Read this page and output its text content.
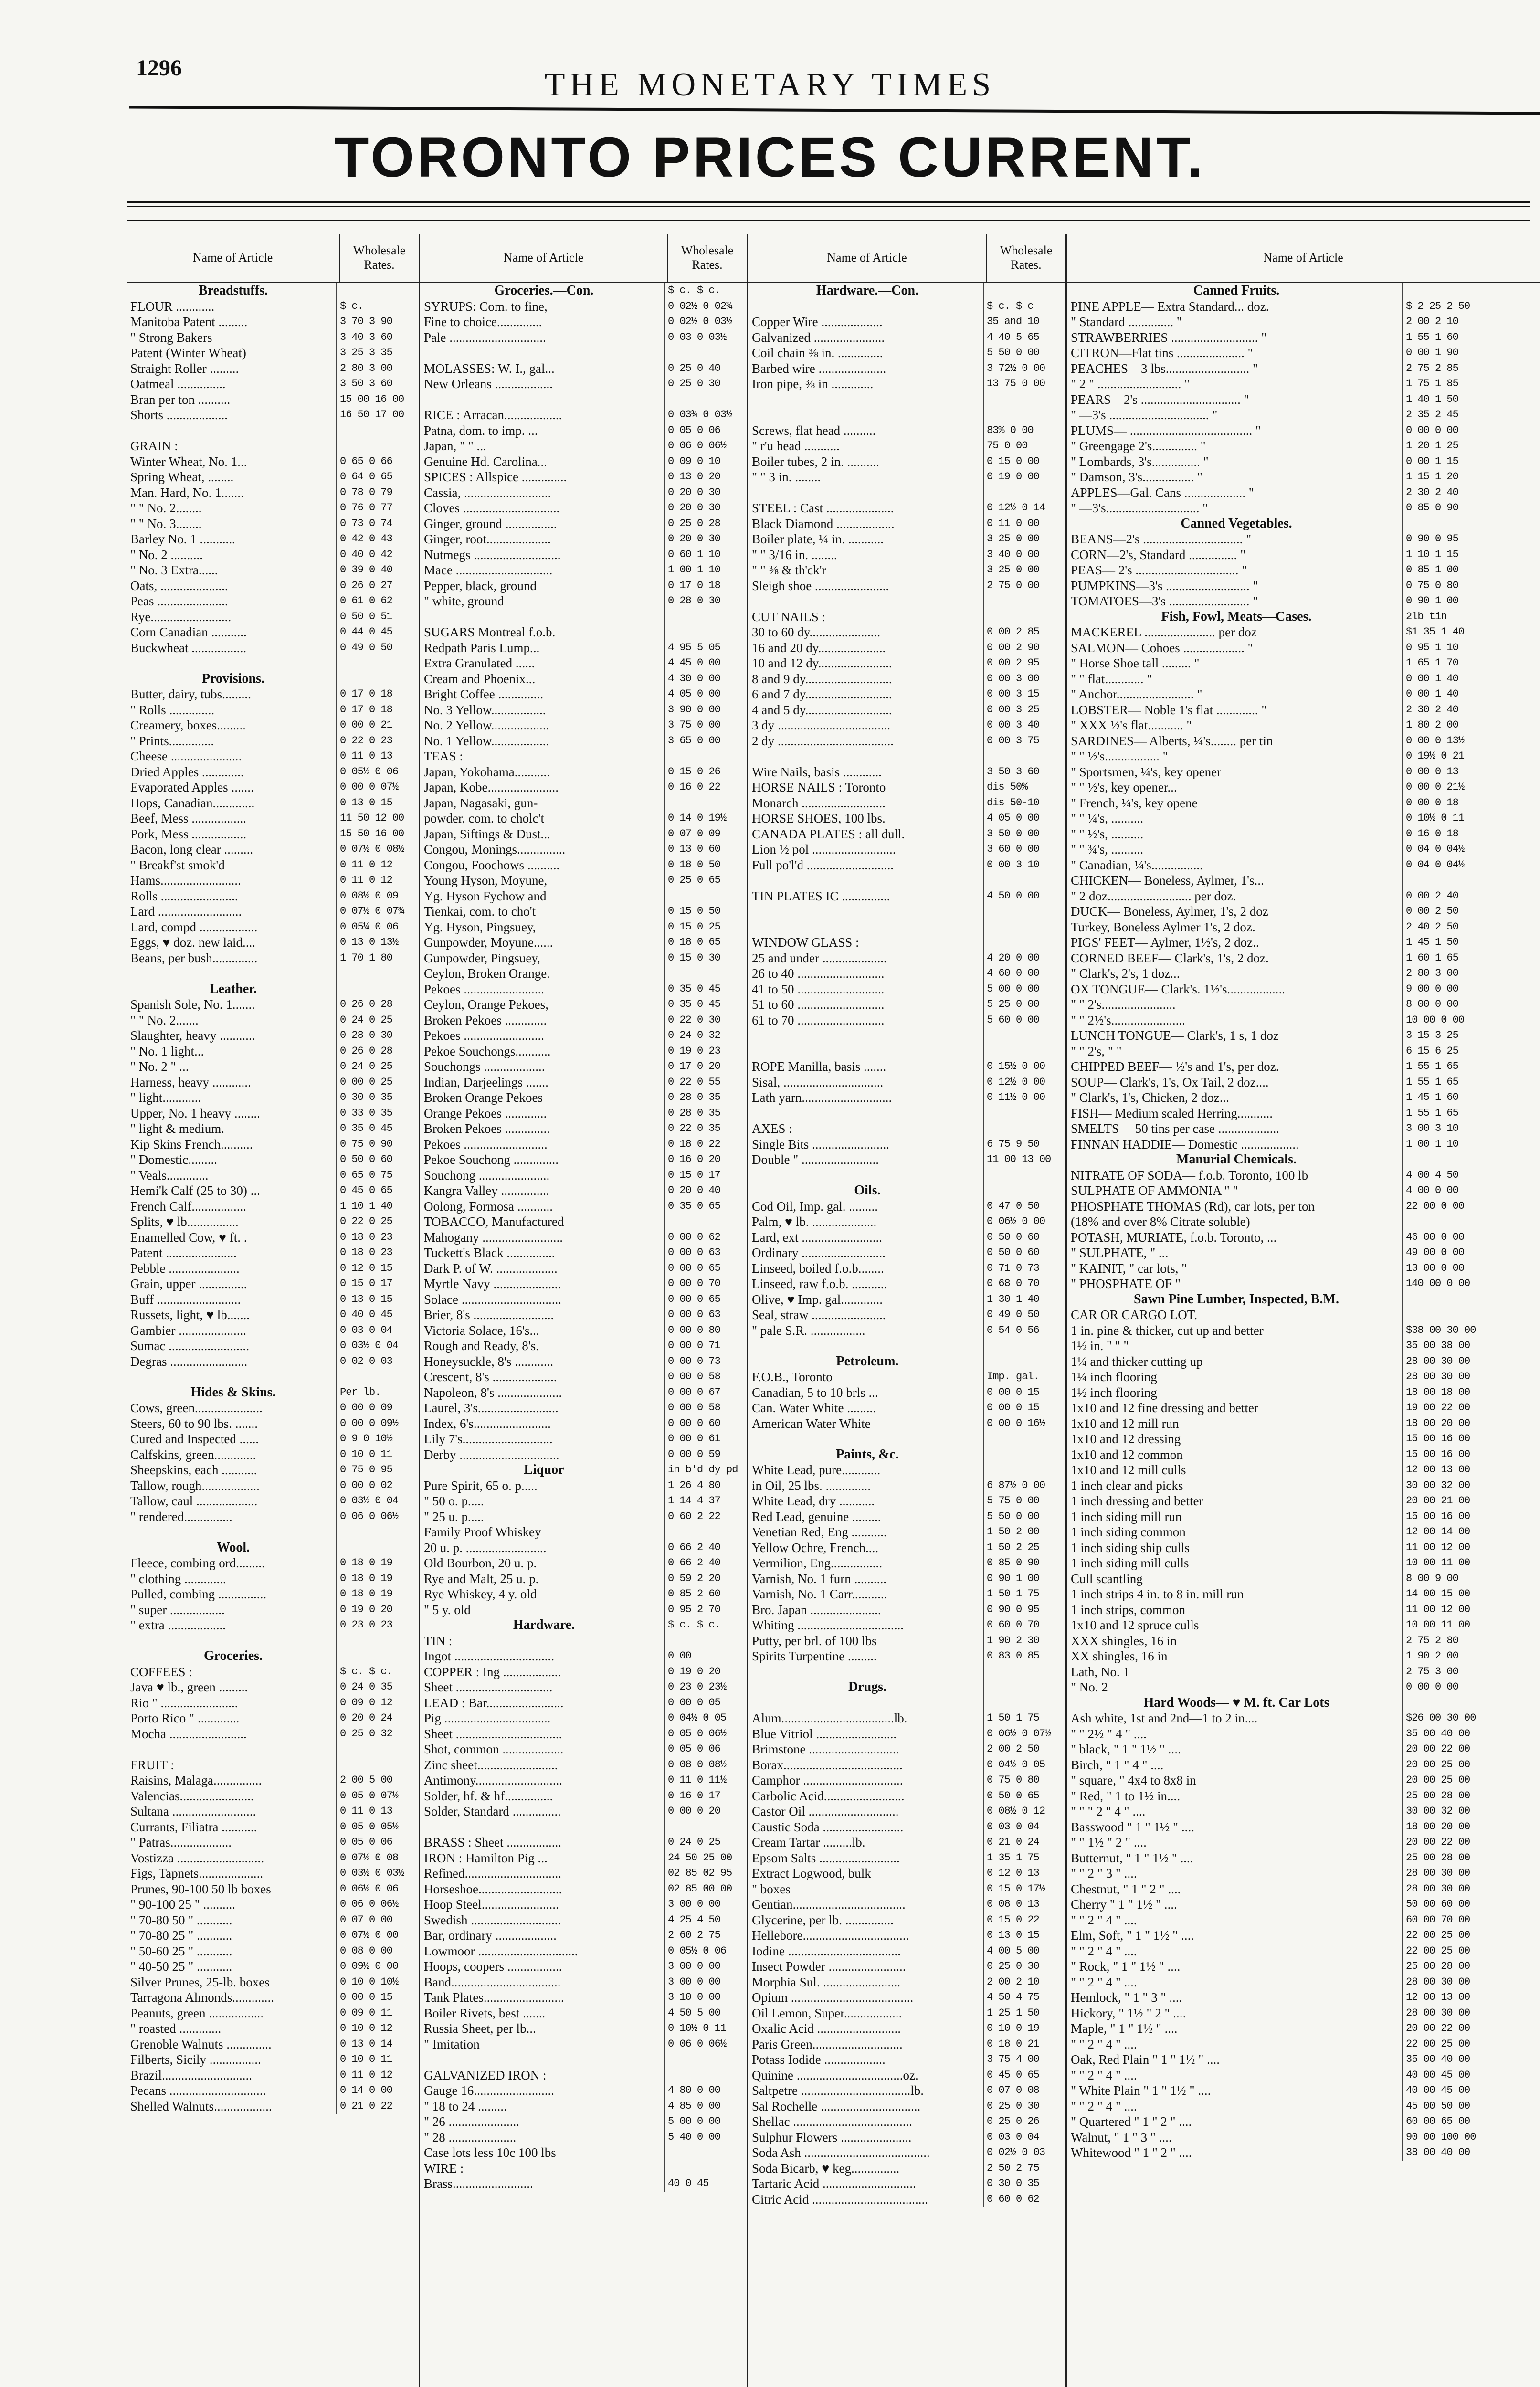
1296	THE MONETARY TIMES
TORONTO PRICES CURRENT.
Name of Article
Wholesale Rates.
Breadstuffs.
FLOUR ............	$ c.
Manitoba Patent .........	3 70 3 90
" Strong Bakers	3 40 3 60
Patent (Winter Wheat)	3 25 3 35
Straight Roller .........	2 80 3 00
Oatmeal ...............	3 50 3 60
Bran per ton ..........	15 00 16 00
Shorts ...................	16 50 17 00
GRAIN :
Winter Wheat, No. 1...	0 65 0 66
Spring Wheat, ........	0 64 0 65
Man. Hard, No. 1.......	0 78 0 79
" " No. 2........	0 76 0 77
" " No. 3........	0 73 0 74
Barley No. 1 ...........	0 42 0 43
" No. 2 ..........	0 40 0 42
" No. 3 Extra......	0 39 0 40
Oats, .....................	0 26 0 27
Peas ......................	0 61 0 62
Rye.........................	0 50 0 51
Corn Canadian ...........	0 44 0 45
Buckwheat .................	0 49 0 50
Provisions.
Butter, dairy, tubs.........	0 17 0 18
" Rolls ..............	0 17 0 18
Creamery, boxes.........	0 00 0 21
" Prints..............	0 22 0 23
Cheese ......................	0 11 0 13
Dried Apples .............	0 05½ 0 06
Evaporated Apples .......	0 00 0 07½
Hops, Canadian.............	0 13 0 15
Beef, Mess .................	11 50 12 00
Pork, Mess .................	15 50 16 00
Bacon, long clear .........	0 07½ 0 08½
" Breakf'st smok'd	0 11 0 12
Hams.........................	0 11 0 12
Rolls ........................	0 08½ 0 09
Lard ..........................	0 07½ 0 07¾
Lard, compd ..................	0 05¼ 0 06
Eggs, ♥ doz. new laid....	0 13 0 13½
Beans, per bush..............	1 70 1 80
Leather.
Spanish Sole, No. 1.......	0 26 0 28
" " No. 2.......	0 24 0 25
Slaughter, heavy ...........	0 28 0 30
" No. 1 light...	0 26 0 28
" No. 2 " ...	0 24 0 25
Harness, heavy ............	0 00 0 25
" light............	0 30 0 35
Upper, No. 1 heavy ........	0 33 0 35
" light & medium.	0 35 0 45
Kip Skins French..........	0 75 0 90
" Domestic.........	0 50 0 60
" Veals.............	0 65 0 75
Hemi'k Calf (25 to 30) ...	0 45 0 65
French Calf.................	1 10 1 40
Splits, ♥ lb................	0 22 0 25
Enamelled Cow, ♥ ft. .	0 18 0 23
Patent ......................	0 18 0 23
Pebble ......................	0 12 0 15
Grain, upper ...............	0 15 0 17
Buff ..........................	0 13 0 15
Russets, light, ♥ lb.......	0 40 0 45
Gambier .....................	0 03 0 04
Sumac .........................	0 03½ 0 04
Degras ........................	0 02 0 03
Hides & Skins.	Per lb.
Cows, green.....................	0 00 0 09
Steers, 60 to 90 lbs. .......	0 00 0 09½
Cured and Inspected ......	0 9 0 10½
Calfskins, green.............	0 10 0 11
Sheepskins, each ...........	0 75 0 95
Tallow, rough..................	0 00 0 02
Tallow, caul ...................	0 03½ 0 04
" rendered...............	0 06 0 06½
Wool.
Fleece, combing ord.........	0 18 0 19
" clothing .............	0 18 0 19
Pulled, combing ...............	0 18 0 19
" super .................	0 19 0 20
" extra ..................	0 23 0 23
Groceries.
COFFEES :	$ c. $ c.
Java ♥ lb., green .........	0 24 0 35
Rio " ........................	0 09 0 12
Porto Rico " .............	0 20 0 24
Mocha ........................	0 25 0 32
FRUIT :
Raisins, Malaga...............	2 00 5 00
Valencias.......................	0 05 0 07½
Sultana ..........................	0 11 0 13
Currants, Filiatra ...........	0 05 0 05½
" Patras...................	0 05 0 06
Vostizza ...........................	0 07½ 0 08
Figs, Tapnets....................	0 03½ 0 03½
Prunes, 90-100 50 lb boxes	0 06½ 0 06
" 90-100 25 " ..........	0 06 0 06½
" 70-80 50 " ...........	0 07 0 00
" 70-80 25 " ...........	0 07½ 0 00
" 50-60 25 " ...........	0 08 0 00
" 40-50 25 " ...........	0 09½ 0 00
Silver Prunes, 25-lb. boxes	0 10 0 10½
Tarragona Almonds.............	0 00 0 15
Peanuts, green .................	0 09 0 11
" roasted .............	0 10 0 12
Grenoble Walnuts ..............	0 13 0 14
Filberts, Sicily ................	0 10 0 11
Brazil............................	0 11 0 12
Pecans ..............................	0 14 0 00
Shelled Walnuts..................	0 21 0 22
Name of Article
Wholesale Rates.
Groceries.—Con.	$ c. $ c.
SYRUPS: Com. to fine,	0 02½ 0 02¾
Fine to choice..............	0 02½ 0 03½
Pale ..............................	0 03 0 03½
MOLASSES: W. I., gal...	0 25 0 40
New Orleans ..................	0 25 0 30
RICE : Arracan..................	0 03¾ 0 03½
Patna, dom. to imp. ...	0 05 0 06
Japan, " " ...	0 06 0 06½
Genuine Hd. Carolina...	0 09 0 10
SPICES : Allspice ..............	0 13 0 20
Cassia, ...........................	0 20 0 30
Cloves ..............................	0 20 0 30
Ginger, ground ................	0 25 0 28
Ginger, root....................	0 20 0 30
Nutmegs ...........................	0 60 1 10
Mace ..............................	1 00 1 10
Pepper, black, ground	0 17 0 18
" white, ground	0 28 0 30
SUGARS Montreal f.o.b.
Redpath Paris Lump...	4 95 5 05
Extra Granulated ......	4 45 0 00
Cream and Phoenix...	4 30 0 00
Bright Coffee ..............	4 05 0 00
No. 3 Yellow.................	3 90 0 00
No. 2 Yellow..................	3 75 0 00
No. 1 Yellow..................	3 65 0 00
TEAS :
Japan, Yokohama...........	0 15 0 26
Japan, Kobe......................	0 16 0 22
Japan, Nagasaki, gun-
powder, com. to cholc't	0 14 0 19½
Japan, Siftings & Dust...	0 07 0 09
Congou, Monings...............	0 13 0 60
Congou, Foochows ..........	0 18 0 50
Young Hyson, Moyune,	0 25 0 65
Yg. Hyson Fychow and
Tienkai, com. to cho't	0 15 0 50
Yg. Hyson, Pingsuey,	0 15 0 25
Gunpowder, Moyune......	0 18 0 65
Gunpowder, Pingsuey,	0 15 0 30
Ceylon, Broken Orange.
Pekoes .........................	0 35 0 45
Ceylon, Orange Pekoes,	0 35 0 45
Broken Pekoes .............	0 22 0 30
Pekoes .........................	0 24 0 32
Pekoe Souchongs...........	0 19 0 23
Souchongs ...................	0 17 0 20
Indian, Darjeelings .......	0 22 0 55
Broken Orange Pekoes	0 28 0 35
Orange Pekoes .............	0 28 0 35
Broken Pekoes ..............	0 22 0 35
Pekoes ..........................	0 18 0 22
Pekoe Souchong ..............	0 16 0 20
Souchong ......................	0 15 0 17
Kangra Valley ...............	0 20 0 40
Oolong, Formosa ...........	0 35 0 65
TOBACCO, Manufactured
Mahogany .........................	0 00 0 62
Tuckett's Black ...............	0 00 0 63
Dark P. of W. ...................	0 00 0 65
Myrtle Navy .....................	0 00 0 70
Solace ...............................	0 00 0 65
Brier, 8's .........................	0 00 0 63
Victoria Solace, 16's...	0 00 0 80
Rough and Ready, 8's.	0 00 0 71
Honeysuckle, 8's ............	0 00 0 73
Crescent, 8's ....................	0 00 0 58
Napoleon, 8's ....................	0 00 0 67
Laurel, 3's.........................	0 00 0 58
Index, 6's........................	0 00 0 60
Lily 7's............................	0 00 0 61
Derby ...............................	0 00 0 59
Liquor	in b'd dy pd
Pure Spirit, 65 o. p.....	1 26 4 80
" 50 o. p.....	1 14 4 37
" 25 u. p.....	0 60 2 22
Family Proof Whiskey
20 u. p. .........................	0 66 2 40
Old Bourbon, 20 u. p.	0 66 2 40
Rye and Malt, 25 u. p.	0 59 2 20
Rye Whiskey, 4 y. old	0 85 2 60
" 5 y. old	0 95 2 70
Hardware.	$ c. $ c.
TIN :
Ingot ...............................	0 00
COPPER : Ing ..................	0 19 0 20
Sheet ..............................	0 23 0 23½
LEAD : Bar........................	0 00 0 05
Pig .................................	0 04½ 0 05
Sheet .................................	0 05 0 06½
Shot, common ...................	0 05 0 06
Zinc sheet.........................	0 08 0 08½
Antimony...........................	0 11 0 11½
Solder, hf. & hf...............	0 16 0 17
Solder, Standard ...............	0 00 0 20
BRASS : Sheet .................	0 24 0 25
IRON : Hamilton Pig ...	24 50 25 00
Refined..............................	02 85 02 95
Horseshoe..........................	02 85 00 00
Hoop Steel........................	3 00 0 00
Swedish ............................	4 25 4 50
Bar, ordinary ...................	2 60 2 75
Lowmoor ...............................	0 05½ 0 06
Hoops, coopers .................	3 00 0 00
Band..................................	3 00 0 00
Tank Plates.........................	3 10 0 00
Boiler Rivets, best .......	4 50 5 00
Russia Sheet, per lb...	0 10½ 0 11
" Imitation	0 06 0 06½
GALVANIZED IRON :
Gauge 16.........................	4 80 0 00
" 18 to 24 .........	4 85 0 00
" 26 ......................	5 00 0 00
" 28 .....................	5 40 0 00
Case lots less 10c 100 lbs
WIRE :
Brass.........................	40 0 45
Name of Article
Wholesale Rates.
Hardware.—Con.
$ c. $ c
Copper Wire ...................	35 and 10
Galvanized ......................	4 40 5 65
Coil chain ⅜ in. ..............	5 50 0 00
Barbed wire .....................	3 72½ 0 00
Iron pipe, ⅜ in .............	13 75 0 00
Screws, flat head ..........	83% 0 00
" r'u head ...........	75 0 00
Boiler tubes, 2 in. ..........	0 15 0 00
" " 3 in. ........	0 19 0 00
STEEL : Cast .....................	0 12½ 0 14
Black Diamond ..................	0 11 0 00
Boiler plate, ¼ in. ...........	3 25 0 00
" " 3/16 in. ........	3 40 0 00
" " ⅜ & th'ck'r	3 25 0 00
Sleigh shoe .......................	2 75 0 00
CUT NAILS :
30 to 60 dy......................	0 00 2 85
16 and 20 dy.....................	0 00 2 90
10 and 12 dy.......................	0 00 2 95
8 and 9 dy...........................	0 00 3 00
6 and 7 dy...........................	0 00 3 15
4 and 5 dy...........................	0 00 3 25
3 dy ...................................	0 00 3 40
2 dy ....................................	0 00 3 75
Wire Nails, basis ............	3 50 3 60
HORSE NAILS : Toronto	dis 50%
Monarch ..........................	dis 50-10
HORSE SHOES, 100 lbs.	4 05 0 00
CANADA PLATES : all dull.	3 50 0 00
Lion ½ pol ..........................	3 60 0 00
Full po'l'd ...........................	0 00 3 10
TIN PLATES IC ...............	4 50 0 00
WINDOW GLASS :
25 and under ....................	4 20 0 00
26 to 40 ...........................	4 60 0 00
41 to 50 ...........................	5 00 0 00
51 to 60 ...........................	5 25 0 00
61 to 70 ...........................	5 60 0 00
ROPE Manilla, basis .......	0 15½ 0 00
Sisal, ...............................	0 12½ 0 00
Lath yarn............................	0 11½ 0 00
AXES :
Single Bits ........................	6 75 9 50
Double " ........................	11 00 13 00
Oils.
Cod Oil, Imp. gal. .........	0 47 0 50
Palm, ♥ lb. ....................	0 06½ 0 00
Lard, ext .........................	0 50 0 60
Ordinary ..........................	0 50 0 60
Linseed, boiled f.o.b........	0 71 0 73
Linseed, raw f.o.b. ...........	0 68 0 70
Olive, ♥ Imp. gal.............	1 30 1 40
Seal, straw .......................	0 49 0 50
" pale S.R. .................	0 54 0 56
Petroleum.
F.O.B., Toronto	Imp. gal.
Canadian, 5 to 10 brls ...	0 00 0 15
Can. Water White .........	0 00 0 15
American Water White	0 00 0 16½
Paints, &c.
White Lead, pure............
in Oil, 25 lbs. ..............	6 87½ 0 00
White Lead, dry ...........	5 75 0 00
Red Lead, genuine .........	5 50 0 00
Venetian Red, Eng ...........	1 50 2 00
Yellow Ochre, French....	1 50 2 25
Vermilion, Eng................	0 85 0 90
Varnish, No. 1 furn ..........	0 90 1 00
Varnish, No. 1 Carr...........	1 50 1 75
Bro. Japan ......................	0 90 0 95
Whiting .................................	0 60 0 70
Putty, per brl. of 100 lbs	1 90 2 30
Spirits Turpentine .........	0 83 0 85
Drugs.
Alum...................................lb.	1 50 1 75
Blue Vitriol .........................	0 06½ 0 07½
Brimstone ............................	2 00 2 50
Borax.....................................	0 04½ 0 05
Camphor ...............................	0 75 0 80
Carbolic Acid.........................	0 50 0 65
Castor Oil ............................	0 08½ 0 12
Caustic Soda .........................	0 03 0 04
Cream Tartar .........lb.	0 21 0 24
Epsom Salts .........................	1 35 1 75
Extract Logwood, bulk	0 12 0 13
" boxes	0 15 0 17½
Gentian...................................	0 08 0 13
Glycerine, per lb. ...............	0 15 0 22
Hellebore.................................	0 13 0 15
Iodine ...................................	4 00 5 00
Insect Powder ........................	0 25 0 30
Morphia Sul. ........................	2 00 2 10
Opium ......................................	4 50 4 75
Oil Lemon, Super..................	1 25 1 50
Oxalic Acid ..........................	0 10 0 19
Paris Green............................	0 18 0 21
Potass Iodide ...................	3 75 4 00
Quinine .................................oz.	0 45 0 65
Saltpetre ..................................lb.	0 07 0 08
Sal Rochelle ...............................	0 25 0 30
Shellac .....................................	0 25 0 26
Sulphur Flowers ......................	0 03 0 04
Soda Ash .......................................	0 02½ 0 03
Soda Bicarb, ♥ keg...............	2 50 2 75
Tartaric Acid .............................	0 30 0 35
Citric Acid ....................................	0 60 0 62
Name of Article
Canned Fruits.
PINE APPLE— Extra Standard... doz.	$ 2 25 2 50
" Standard .............. "	2 00 2 10
STRAWBERRIES ........................... "	1 55 1 60
CITRON—Flat tins ..................... "	0 00 1 90
PEACHES—3 lbs.......................... "	2 75 2 85
" 2 " .......................... "	1 75 1 85
PEARS—2's ............................... "	1 40 1 50
" —3's ............................... "	2 35 2 45
PLUMS— ...................................... "	0 00 0 00
" Greengage 2's.............. "	1 20 1 25
" Lombards, 3's............... "	0 00 1 15
" Damson, 3's................ "	1 15 1 20
APPLES—Gal. Cans ................... "	2 30 2 40
" —3's............................. "	0 85 0 90
Canned Vegetables.
BEANS—2's ............................... "	0 90 0 95
CORN—2's, Standard ............... "	1 10 1 15
PEAS— 2's ................................ "	0 85 1 00
PUMPKINS—3's .......................... "	0 75 0 80
TOMATOES—3's ......................... "	0 90 1 00
Fish, Fowl, Meats—Cases.	2lb tin
MACKEREL ...................... per doz	$1 35 1 40
SALMON— Cohoes ................... "	0 95 1 10
" Horse Shoe tall ......... "	1 65 1 70
" " flat............ "	0 00 1 40
" Anchor........................ "	0 00 1 40
LOBSTER— Noble 1's flat ............. "	2 30 2 40
" XXX ½'s flat........... "	1 80 2 00
SARDINES— Alberts, ¼'s........ per tin	0 00 0 13½
" " ½'s................. "	0 19½ 0 21
" Sportsmen, ¼'s, key opener	0 00 0 13
" " ½'s, key opener...	0 00 0 21½
" French, ¼'s, key opene	0 00 0 18
" " ¼'s, ..........	0 10½ 0 11
" " ½'s, ..........	0 16 0 18
" " ¾'s, ..........	0 04 0 04½
" Canadian, ¼'s................	0 04 0 04½
CHICKEN— Boneless, Aylmer, 1's...
" 2 doz.......................... per doz.	0 00 2 40
DUCK— Boneless, Aylmer, 1's, 2 doz	0 00 2 50
Turkey, Boneless Aylmer 1's, 2 doz.	2 40 2 50
PIGS' FEET— Aylmer, 1½'s, 2 doz..	1 45 1 50
CORNED BEEF— Clark's, 1's, 2 doz.	1 60 1 65
" Clark's, 2's, 1 doz...	2 80 3 00
OX TONGUE— Clark's. 1½'s..................	9 00 0 00
" " 2's.......................	8 00 0 00
" " 2½'s.......................	10 00 0 00
LUNCH TONGUE— Clark's, 1 s, 1 doz	3 15 3 25
" " 2's, " "	6 15 6 25
CHIPPED BEEF— ½'s and 1's, per doz.	1 55 1 65
SOUP— Clark's, 1's, Ox Tail, 2 doz....	1 55 1 65
" Clark's, 1's, Chicken, 2 doz...	1 45 1 60
FISH— Medium scaled Herring...........	1 55 1 65
SMELTS— 50 tins per case ...................	3 00 3 10
FINNAN HADDIE— Domestic ..................	1 00 1 10
Manurial Chemicals.
NITRATE OF SODA— f.o.b. Toronto, 100 lb	4 00 4 50
SULPHATE OF AMMONIA " "	4 00 0 00
PHOSPHATE THOMAS (Rd), car lots, per ton	22 00 0 00
(18% and over 8% Citrate soluble)
POTASH, MURIATE, f.o.b. Toronto, ...	46 00 0 00
" SULPHATE, " ...	49 00 0 00
" KAINIT, " car lots, "	13 00 0 00
" PHOSPHATE OF "	140 00 0 00
Sawn Pine Lumber, Inspected, B.M.
CAR OR CARGO LOT.
1 in. pine & thicker, cut up and better	$38 00 30 00
1½ in. " " "	35 00 38 00
1¼ and thicker cutting up	28 00 30 00
1¼ inch flooring	28 00 30 00
1½ inch flooring	18 00 18 00
1x10 and 12 fine dressing and better	19 00 22 00
1x10 and 12 mill run	18 00 20 00
1x10 and 12 dressing	15 00 16 00
1x10 and 12 common	15 00 16 00
1x10 and 12 mill culls	12 00 13 00
1 inch clear and picks	30 00 32 00
1 inch dressing and better	20 00 21 00
1 inch siding mill run	15 00 16 00
1 inch siding common	12 00 14 00
1 inch siding ship culls	11 00 12 00
1 inch siding mill culls	10 00 11 00
Cull scantling	8 00 9 00
1 inch strips 4 in. to 8 in. mill run	14 00 15 00
1 inch strips, common	11 00 12 00
1x10 and 12 spruce culls	10 00 11 00
XXX shingles, 16 in	2 75 2 80
XX shingles, 16 in	1 90 2 00
Lath, No. 1	2 75 3 00
" No. 2	0 00 0 00
Hard Woods— ♥ M. ft. Car Lots
Ash white, 1st and 2nd—1 to 2 in....	$26 00 30 00
" " 2½ " 4 " ....	35 00 40 00
" black, " 1 " 1½ " ....	20 00 22 00
Birch, " 1 " 4 " ....	20 00 25 00
" square, " 4x4 to 8x8 in	20 00 25 00
" Red, " 1 to 1½ in....	25 00 28 00
" " " 2 " 4 " ....	30 00 32 00
Basswood " 1 " 1½ " ....	18 00 20 00
" " 1½ " 2 " ....	20 00 22 00
Butternut, " 1 " 1½ " ....	25 00 28 00
" " 2 " 3 " ....	28 00 30 00
Chestnut, " 1 " 2 " ....	28 00 30 00
Cherry " 1 " 1½ " ....	50 00 60 00
" " 2 " 4 " ....	60 00 70 00
Elm, Soft, " 1 " 1½ " ....	22 00 25 00
" " 2 " 4 " ....	22 00 25 00
" Rock, " 1 " 1½ " ....	25 00 28 00
" " 2 " 4 " ....	28 00 30 00
Hemlock, " 1 " 3 " ....	12 00 13 00
Hickory, " 1½ " 2 " ....	28 00 30 00
Maple, " 1 " 1½ " ....	20 00 22 00
" " 2 " 4 " ....	22 00 25 00
Oak, Red Plain " 1 " 1½ " ....	35 00 40 00
" " 2 " 4 " ....	40 00 45 00
" White Plain " 1 " 1½ " ....	40 00 45 00
" " 2 " 4 " ....	45 00 50 00
" Quartered " 1 " 2 " ....	60 00 65 00
Walnut, " 1 " 3 " ....	90 00 100 00
Whitewood " 1 " 2 " ....	38 00 40 00
